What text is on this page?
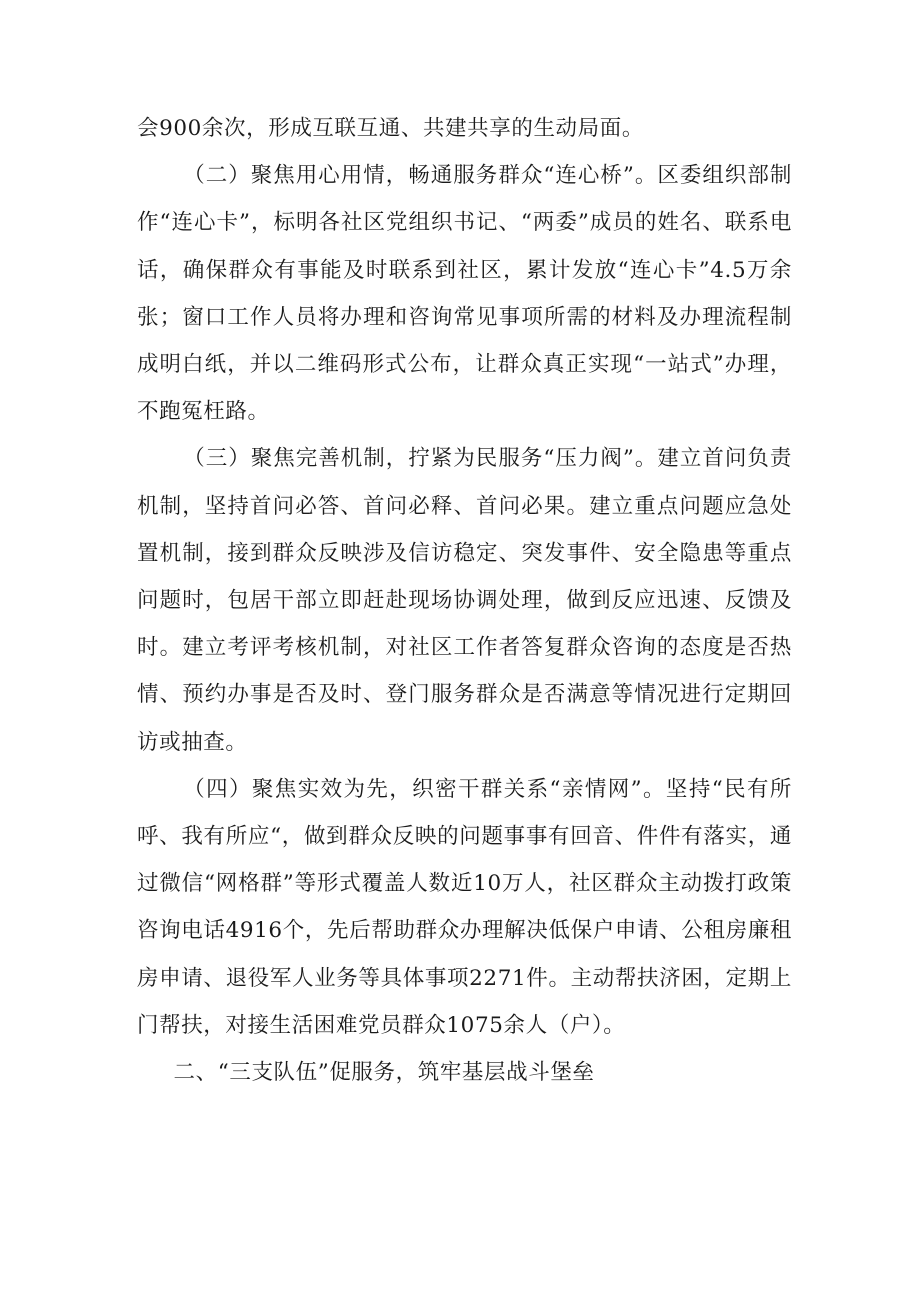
会900余次，形成互联互通、共建共享的生动局面。

（二）聚焦用心用情，畅通服务群众“连心桥”。区委组织部制作“连心卡”，标明各社区党组织书记、“两委”成员的姓名、联系电话，确保群众有事能及时联系到社区，累计发放“连心卡”4.5万余张；窗口工作人员将办理和咨询常见事项所需的材料及办理流程制成明白纸，并以二维码形式公布，让群众真正实现“一站式”办理，不跑冤枉路。

（三）聚焦完善机制，拧紧为民服务“压力阀”。建立首问负责机制，坚持首问必答、首问必释、首问必果。建立重点问题应急处置机制，接到群众反映涉及信访稳定、突发事件、安全隐患等重点问题时，包居干部立即赶赴现场协调处理，做到反应迅速、反馈及时。建立考评考核机制，对社区工作者答复群众咨询的态度是否热情、预约办事是否及时、登门服务群众是否满意等情况进行定期回访或抽查。

（四）聚焦实效为先，织密干群关系“亲情网”。坚持“民有所呼、我有所应“，做到群众反映的问题事事有回音、件件有落实，通过微信“网格群”等形式覆盖人数近10万人，社区群众主动拨打政策咨询电话4916个，先后帮助群众办理解决低保户申请、公租房廉租房申请、退役军人业务等具体事项2271件。主动帮扶济困，定期上门帮扶，对接生活困难党员群众1075余人（户）。

二、“三支队伍”促服务，筑牢基层战斗堡垒
